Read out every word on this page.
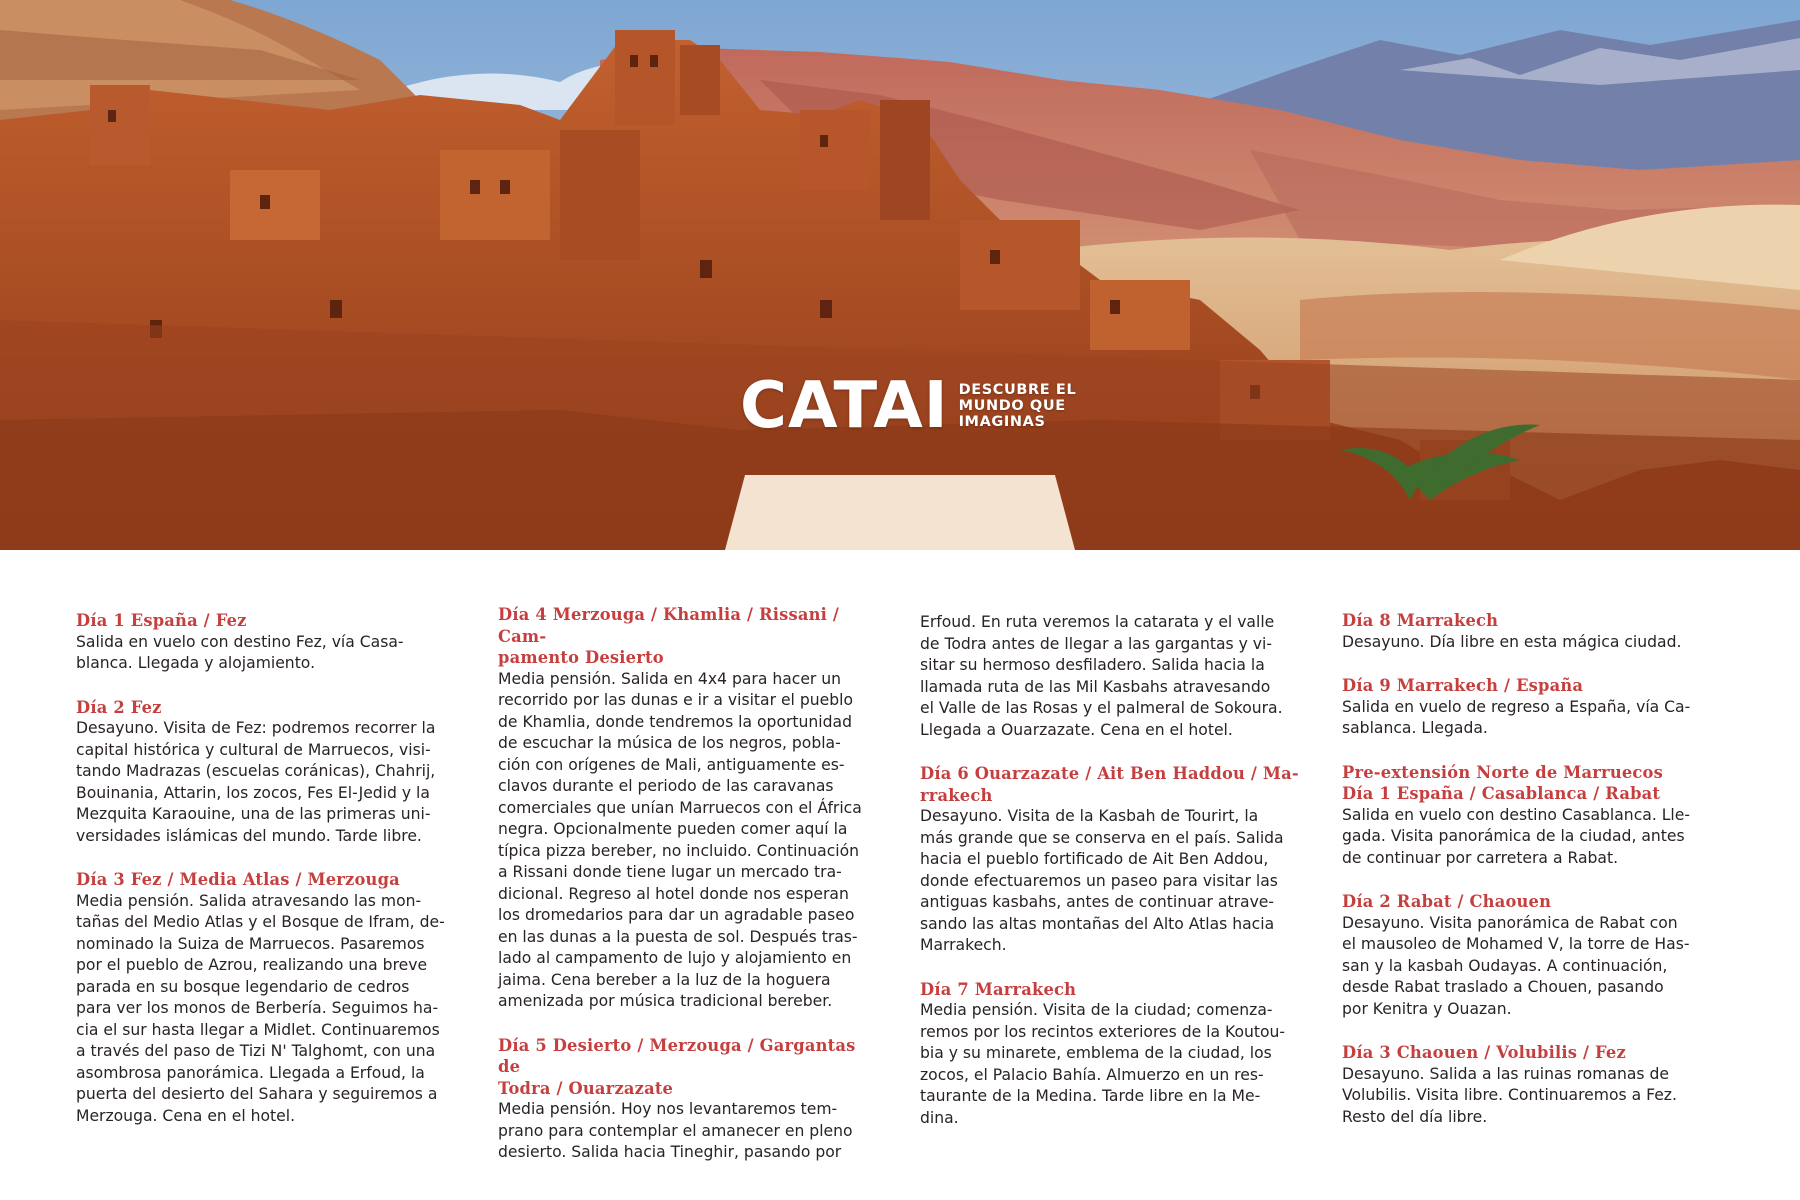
CATAI DESCUBRE EL
MUNDO QUE
IMAGINAS
Día 1 España / Fez
Salida en vuelo con destino Fez, vía Casa-
blanca. Llegada y alojamiento.
Día 2 Fez
Desayuno. Visita de Fez: podremos recorrer la
capital histórica y cultural de Marruecos, visi-
tando Madrazas (escuelas coránicas), Chahrij,
Bouinania, Attarin, los zocos, Fes El-Jedid y la
Mezquita Karaouine, una de las primeras uni-
versidades islámicas del mundo. Tarde libre.
Día 3 Fez / Media Atlas / Merzouga
Media pensión. Salida atravesando las mon-
tañas del Medio Atlas y el Bosque de Ifram, de-
nominado la Suiza de Marruecos. Pasaremos
por el pueblo de Azrou, realizando una breve
parada en su bosque legendario de cedros
para ver los monos de Berbería. Seguimos ha-
cia el sur hasta llegar a Midlet. Continuaremos
a través del paso de Tizi N' Talghomt, con una
asombrosa panorámica. Llegada a Erfoud, la
puerta del desierto del Sahara y seguiremos a
Merzouga. Cena en el hotel.
Día 4 Merzouga / Khamlia / Rissani / Cam-
pamento Desierto
Media pensión. Salida en 4x4 para hacer un
recorrido por las dunas e ir a visitar el pueblo
de Khamlia, donde tendremos la oportunidad
de escuchar la música de los negros, pobla-
ción con orígenes de Mali, antiguamente es-
clavos durante el periodo de las caravanas
comerciales que unían Marruecos con el África
negra. Opcionalmente pueden comer aquí la
típica pizza bereber, no incluido. Continuación
a Rissani donde tiene lugar un mercado tra-
dicional. Regreso al hotel donde nos esperan
los dromedarios para dar un agradable paseo
en las dunas a la puesta de sol. Después tras-
lado al campamento de lujo y alojamiento en
jaima. Cena bereber a la luz de la hoguera
amenizada por música tradicional bereber.
Día 5 Desierto / Merzouga / Gargantas de
Todra / Ouarzazate
Media pensión. Hoy nos levantaremos tem-
prano para contemplar el amanecer en pleno
desierto. Salida hacia Tineghir, pasando por
Erfoud. En ruta veremos la catarata y el valle
de Todra antes de llegar a las gargantas y vi-
sitar su hermoso desfiladero. Salida hacia la
llamada ruta de las Mil Kasbahs atravesando
el Valle de las Rosas y el palmeral de Sokoura.
Llegada a Ouarzazate. Cena en el hotel.
Día 6 Ouarzazate / Ait Ben Haddou / Ma-
rrakech
Desayuno. Visita de la Kasbah de Tourirt, la
más grande que se conserva en el país. Salida
hacia el pueblo fortificado de Ait Ben Addou,
donde efectuaremos un paseo para visitar las
antiguas kasbahs, antes de continuar atrave-
sando las altas montañas del Alto Atlas hacia
Marrakech.
Día 7 Marrakech
Media pensión. Visita de la ciudad; comenza-
remos por los recintos exteriores de la Koutou-
bia y su minarete, emblema de la ciudad, los
zocos, el Palacio Bahía. Almuerzo en un res-
taurante de la Medina. Tarde libre en la Me-
dina.
Día 8 Marrakech
Desayuno. Día libre en esta mágica ciudad.
Día 9 Marrakech / España
Salida en vuelo de regreso a España, vía Ca-
sablanca. Llegada.
Pre-extensión Norte de Marruecos
Día 1 España / Casablanca / Rabat
Salida en vuelo con destino Casablanca. Lle-
gada. Visita panorámica de la ciudad, antes
de continuar por carretera a Rabat.
Día 2 Rabat / Chaouen
Desayuno. Visita panorámica de Rabat con
el mausoleo de Mohamed V, la torre de Has-
san y la kasbah Oudayas. A continuación,
desde Rabat traslado a Chouen, pasando
por Kenitra y Ouazan.
Día 3 Chaouen / Volubilis / Fez
Desayuno. Salida a las ruinas romanas de
Volubilis. Visita libre. Continuaremos a Fez.
Resto del día libre.
